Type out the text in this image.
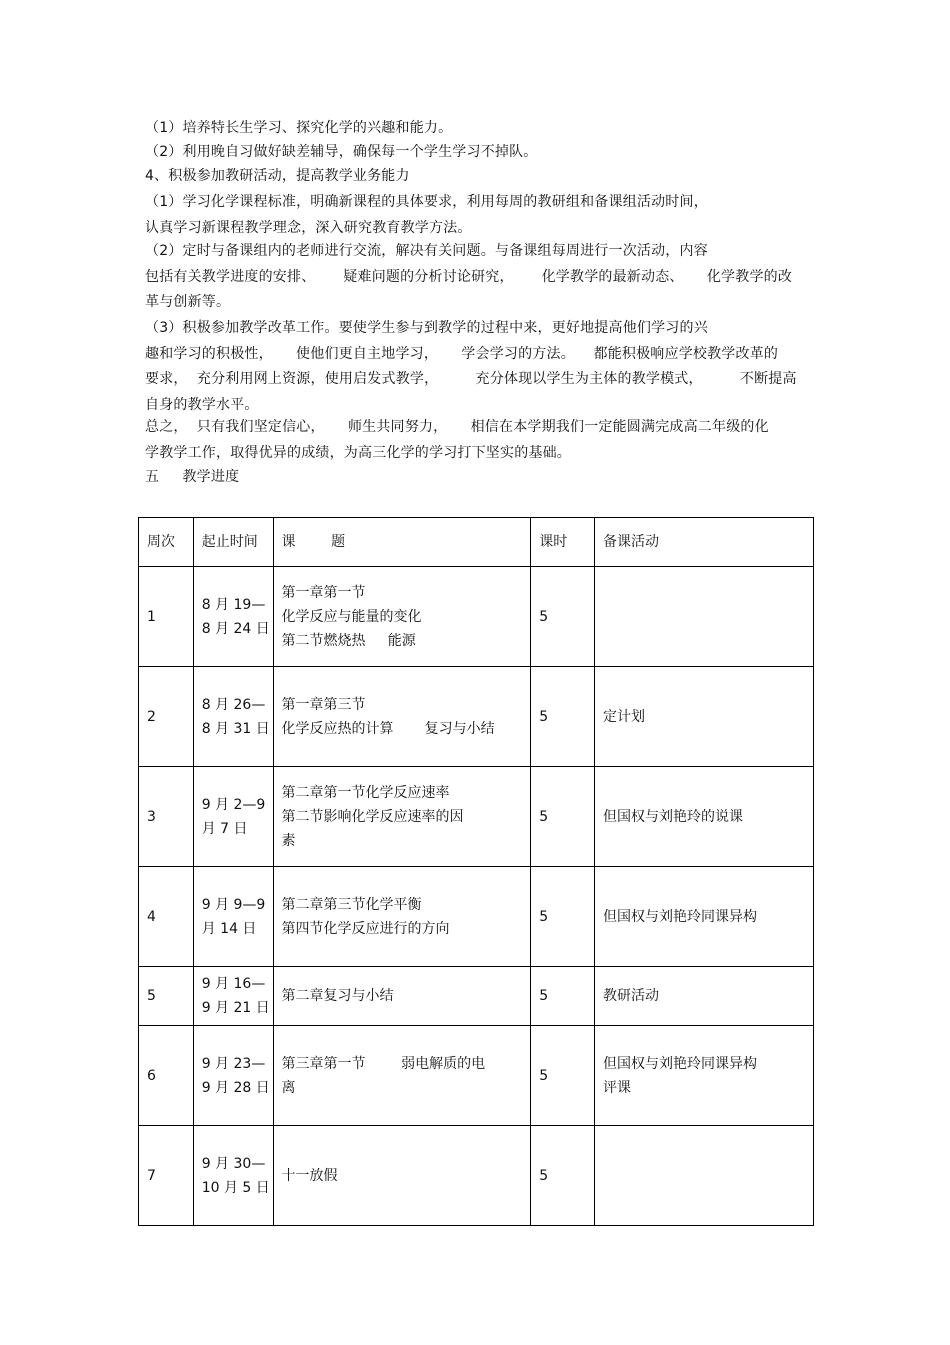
（1）培养特长生学习、探究化学的兴趣和能力。

（2）利用晚自习做好缺差辅导，确保每一个学生学习不掉队。

4、积极参加教研活动，提高教学业务能力

（1）学习化学课程标准，明确新课程的具体要求，利用每周的教研组和备课组活动时间，
认真学习新课程教学理念，深入研究教育教学方法。

（2）定时与备课组内的老师进行交流，解决有关问题。与备课组每周进行一次活动，内容
包括有关教学进度的安排、      疑难问题的分析讨论研究，      化学教学的最新动态、     化学教学的改
革与创新等。

（3）积极参加教学改革工作。要使学生参与到教学的过程中来，更好地提高他们学习的兴
趣和学习的积极性，     使他们更自主地学习，     学会学习的方法。    都能积极响应学校教学改革的
要求，  充分利用网上资源，使用启发式教学，        充分体现以学生为主体的教学模式，        不断提高
自身的教学水平。

总之，  只有我们坚定信心，     师生共同努力，     相信在本学期我们一定能圆满完成高二年级的化
学教学工作，取得优异的成绩，为高三化学的学习打下坚实的基础。

五     教学进度

周次	起止时间	课        题	课时	备课活动
1	8 月 19—
8 月 24 日	第一章第一节
化学反应与能量的变化
第二节燃烧热     能源	5	
2	8 月 26—
8 月 31 日	第一章第三节
化学反应热的计算       复习与小结	5	定计划

3	9 月 2—9
月 7 日	第二章第一节化学反应速率
第二节影响化学反应速率的因
素	5	但国权与刘艳玲的说课

4	9 月 9—9
月 14 日	第二章第三节化学平衡
第四节化学反应进行的方向	5	但国权与刘艳玲同课异构

5	9 月 16—
9 月 21 日	第二章复习与小结	5	教研活动

6	9 月 23—
9 月 28 日	第三章第一节        弱电解质的电
离	5	但国权与刘艳玲同课异构
评课

7	9 月 30—
10 月 5 日	十一放假	5	
